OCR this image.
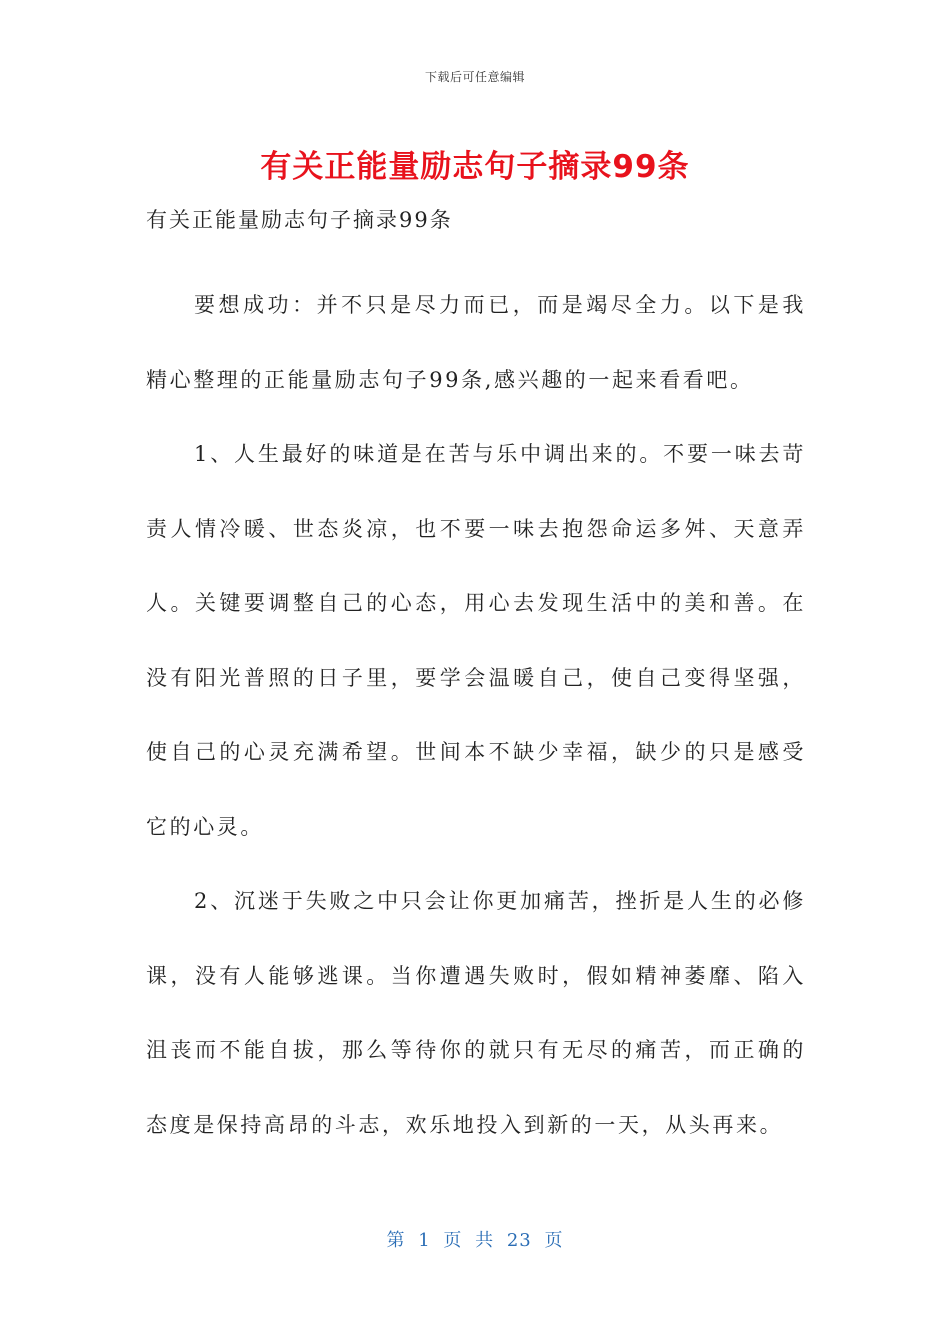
下载后可任意编辑
有关正能量励志句子摘录99条
有关正能量励志句子摘录99条

要想成功：并不只是尽力而已，而是竭尽全力。以下是我精心整理的正能量励志句子99条,感兴趣的一起来看看吧。

1、人生最好的味道是在苦与乐中调出来的。不要一味去苛责人情冷暖、世态炎凉，也不要一味去抱怨命运多舛、天意弄人。关键要调整自己的心态，用心去发现生活中的美和善。在没有阳光普照的日子里，要学会温暖自己，使自己变得坚强，使自己的心灵充满希望。世间本不缺少幸福，缺少的只是感受它的心灵。

2、沉迷于失败之中只会让你更加痛苦，挫折是人生的必修课，没有人能够逃课。当你遭遇失败时，假如精神萎靡、陷入沮丧而不能自拔，那么等待你的就只有无尽的痛苦，而正确的态度是保持高昂的斗志，欢乐地投入到新的一天，从头再来。

第 1 页 共 23 页
